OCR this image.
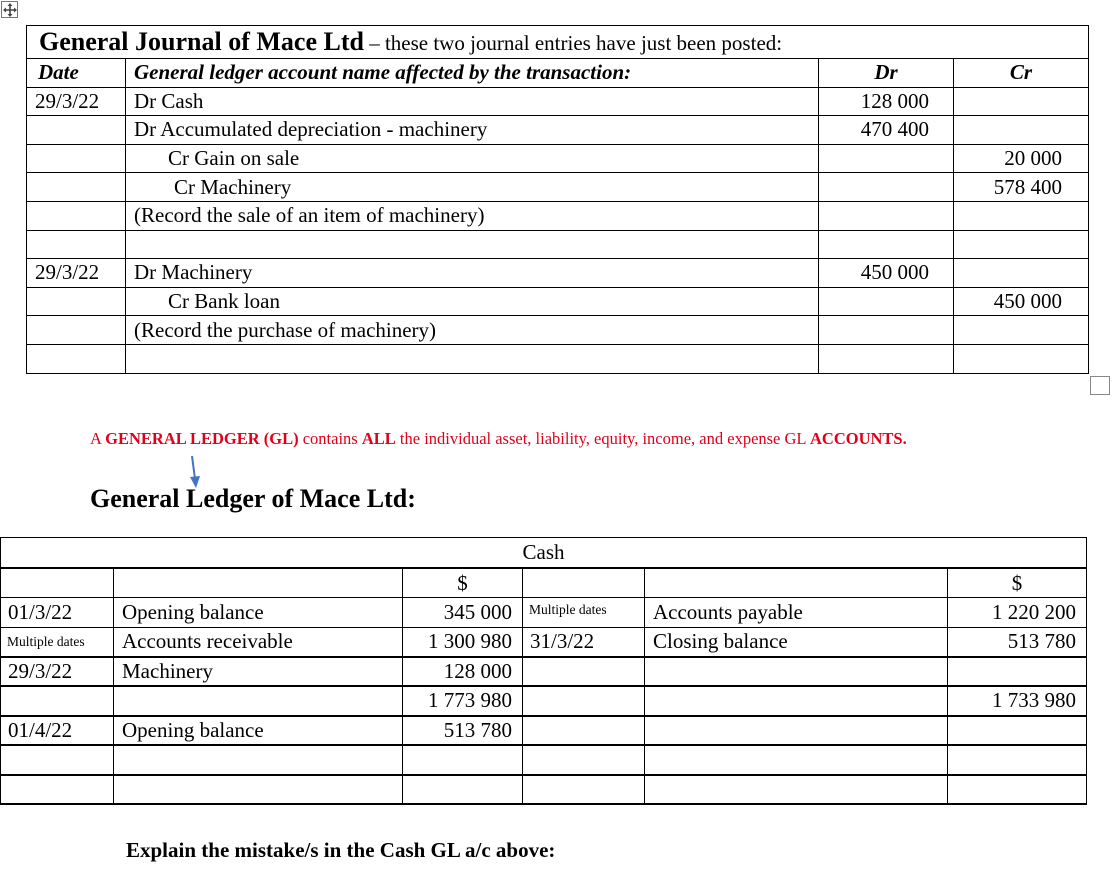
General Journal of Mace Ltd – these two journal entries have just been posted:			
Date	General ledger account name affected by the transaction:	Dr	Cr
29/3/22	Dr Cash	128 000	
	Dr Accumulated depreciation - machinery	470 400	
	Cr Gain on sale		20 000
	Cr Machinery		578 400
	(Record the sale of an item of machinery)		

29/3/22	Dr Machinery	450 000	
	Cr Bank loan		450 000
	(Record the purchase of machinery)		

A GENERAL LEDGER (GL) contains ALL the individual asset, liability, equity, income, and expense GL ACCOUNTS.
General Ledger of Mace Ltd:
Cash					
		$			$
01/3/22	Opening balance	345 000	Multiple dates	Accounts payable	1 220 200
Multiple dates	Accounts receivable	1 300 980	31/3/22	Closing balance	513 780
29/3/22	Machinery	128 000			
		1 773 980			1 733 980
01/4/22	Opening balance	513 780			

Explain the mistake/s in the Cash GL a/c above:
